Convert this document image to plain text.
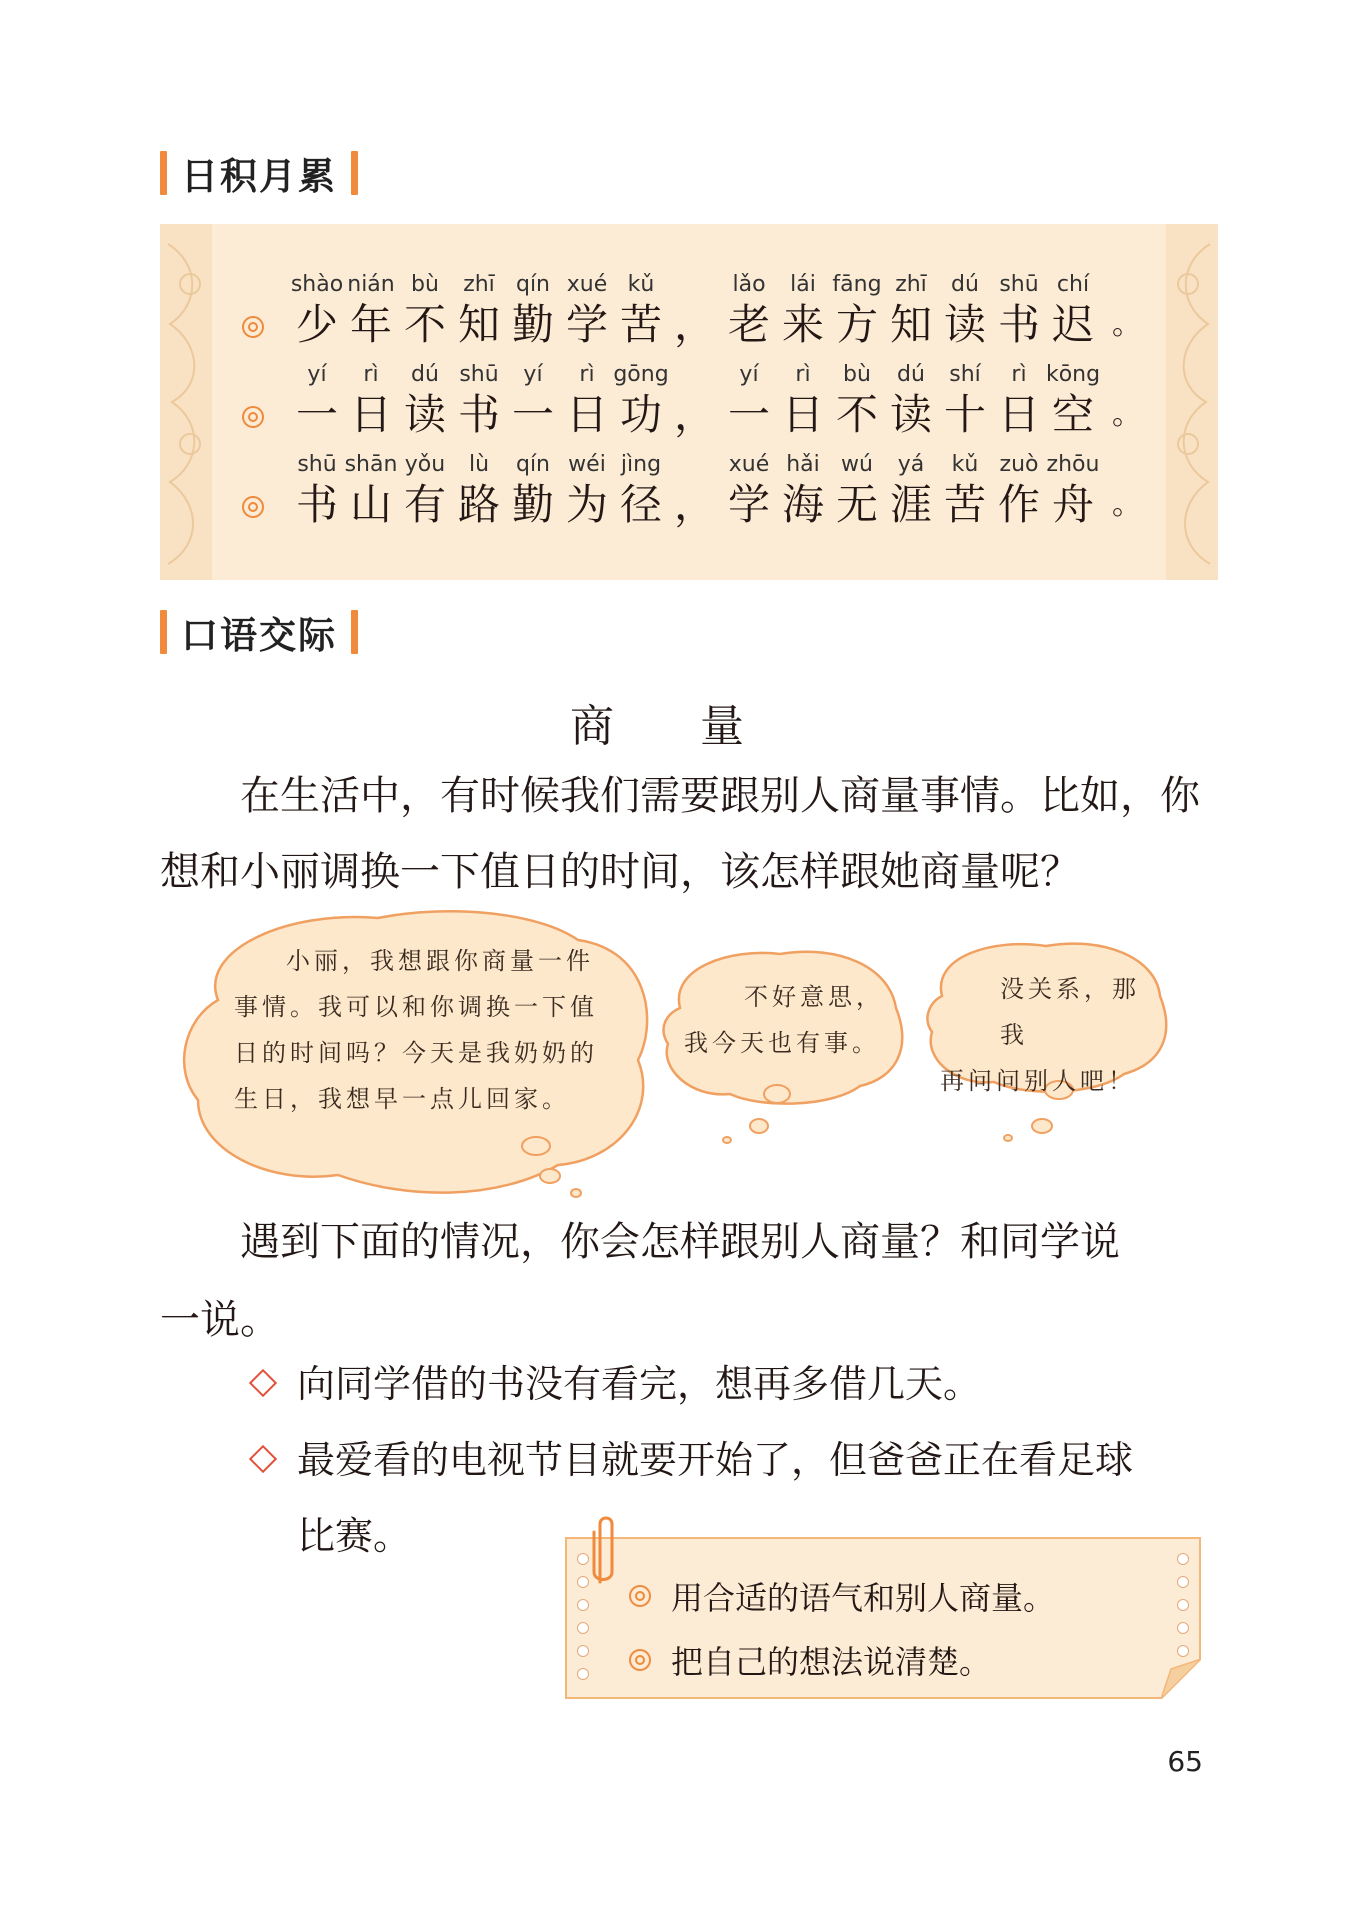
日积月累
shào
少
nián
年
bù
不
zhī
知
qín
勤
xué
学
kǔ
苦 ，
lǎo
老
lái
来
fāng
方
zhī
知
dú
读
shū
书
chí
迟 。
yí
一
rì
日
dú
读
shū
书
yí
一
rì
日
gōng
功 ，
yí
一
rì
日
bù
不
dú
读
shí
十
rì
日
kōng
空 。
shū
书
shān
山
yǒu
有
lù
路
qín
勤
wéi
为
jìng
径 ，
xué
学
hǎi
海
wú
无
yá
涯
kǔ
苦
zuò
作
zhōu
舟 。
口语交际
商 量
在生活中，有时候我们需要跟别人商量事情。比如，你
想和小丽调换一下值日的时间，该怎样跟她商量呢？
小丽，我想跟你商量一件
事情。我可以和你调换一下值
日的时间吗？今天是我奶奶的
生日，我想早一点儿回家。
不好意思，
我今天也有事。
没关系，那我
再问问别人吧！
遇到下面的情况，你会怎样跟别人商量？和同学说
一说。
向同学借的书没有看完，想再多借几天。
最爱看的电视节目就要开始了，但爸爸正在看足球
比赛。
用合适的语气和别人商量。
把自己的想法说清楚。
65
